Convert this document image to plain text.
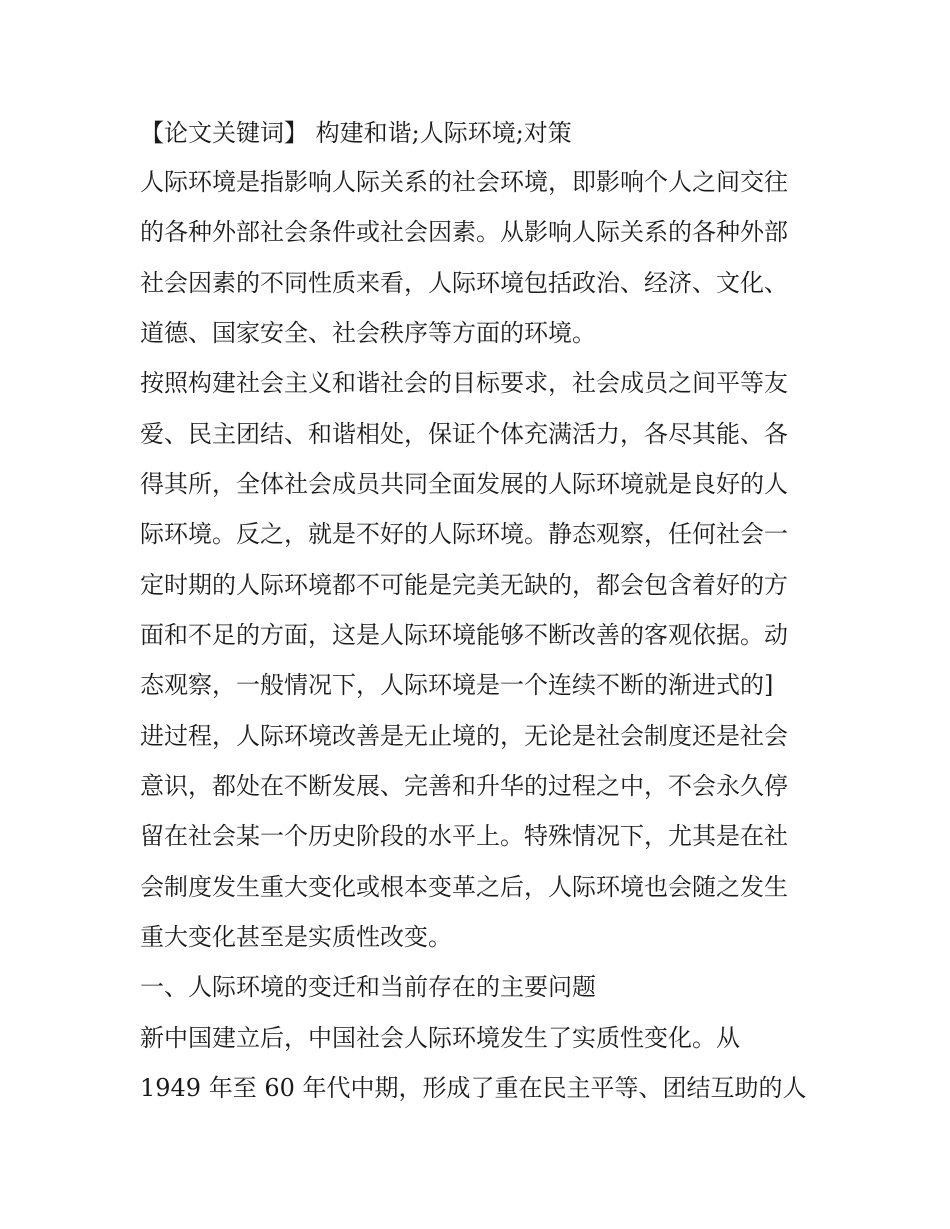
【论文关键词】 构建和谐;人际环境;对策
人际环境是指影响人际关系的社会环境，即影响个人之间交往
的各种外部社会条件或社会因素。从影响人际关系的各种外部
社会因素的不同性质来看，人际环境包括政治、经济、文化、
道德、国家安全、社会秩序等方面的环境。
按照构建社会主义和谐社会的目标要求，社会成员之间平等友
爱、民主团结、和谐相处，保证个体充满活力，各尽其能、各
得其所，全体社会成员共同全面发展的人际环境就是良好的人
际环境。反之，就是不好的人际环境。静态观察，任何社会一
定时期的人际环境都不可能是完美无缺的，都会包含着好的方
面和不足的方面，这是人际环境能够不断改善的客观依据。动
态观察，一般情况下，人际环境是一个连续不断的渐进式的]
进过程，人际环境改善是无止境的，无论是社会制度还是社会
意识，都处在不断发展、完善和升华的过程之中，不会永久停
留在社会某一个历史阶段的水平上。特殊情况下，尤其是在社
会制度发生重大变化或根本变革之后，人际环境也会随之发生
重大变化甚至是实质性改变。
一、人际环境的变迁和当前存在的主要问题
新中国建立后，中国社会人际环境发生了实质性变化。从
1949 年至 60 年代中期，形成了重在民主平等、团结互助的人
